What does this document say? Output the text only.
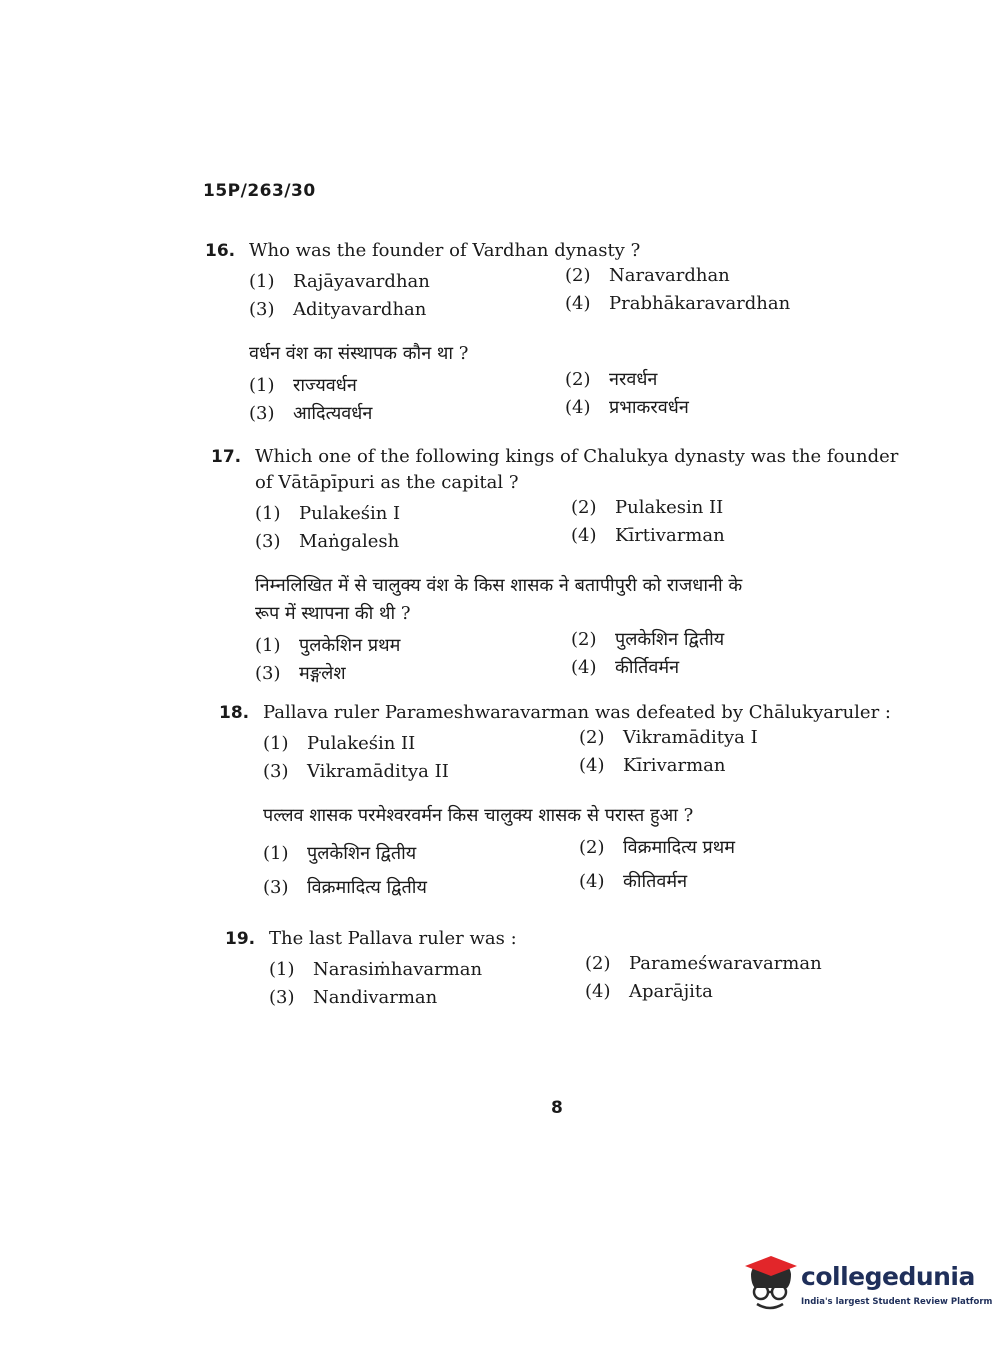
15P/263/30
16. Who was the founder of Vardhan dynasty ?
(1) Rajāyavardhan	(2) Naravardhan
(3) Adityavardhan	(4) Prabhākaravardhan
वर्धन वंश का संस्थापक कौन था ?
(1) राज्यवर्धन	(2) नरवर्धन
(3) आदित्यवर्धन	(4) प्रभाकरवर्धन
17. Which one of the following kings of Chalukya dynasty was the founder
of Vātāpīpuri as the capital ?
(1) Pulakeśin I	(2) Pulakesin II
(3) Maṅgalesh	(4) Kīrtivarman
निम्नलिखित में से चालुक्य वंश के किस शासक ने बतापीपुरी को राजधानी के
रूप में स्थापना की थी ?
(1) पुलकेशिन प्रथम	(2) पुलकेशिन द्वितीय
(3) मङ्गलेश	(4) कीर्तिवर्मन
18. Pallava ruler Parameshwaravarman was defeated by Chālukyaruler :
(1) Pulakeśin II	(2) Vikramāditya I
(3) Vikramāditya II	(4) Kīrivarman
पल्लव शासक परमेश्वरवर्मन किस चालुक्य शासक से परास्त हुआ ?
(1) पुलकेशिन द्वितीय	(2) विक्रमादित्य प्रथम
(3) विक्रमादित्य द्वितीय	(4) कीतिवर्मन
19. The last Pallava ruler was :
(1) Narasiṁhavarman	(2) Parameśwaravarman
(3) Nandivarman	(4) Aparājita
8
collegedunia
India's largest Student Review Platform
